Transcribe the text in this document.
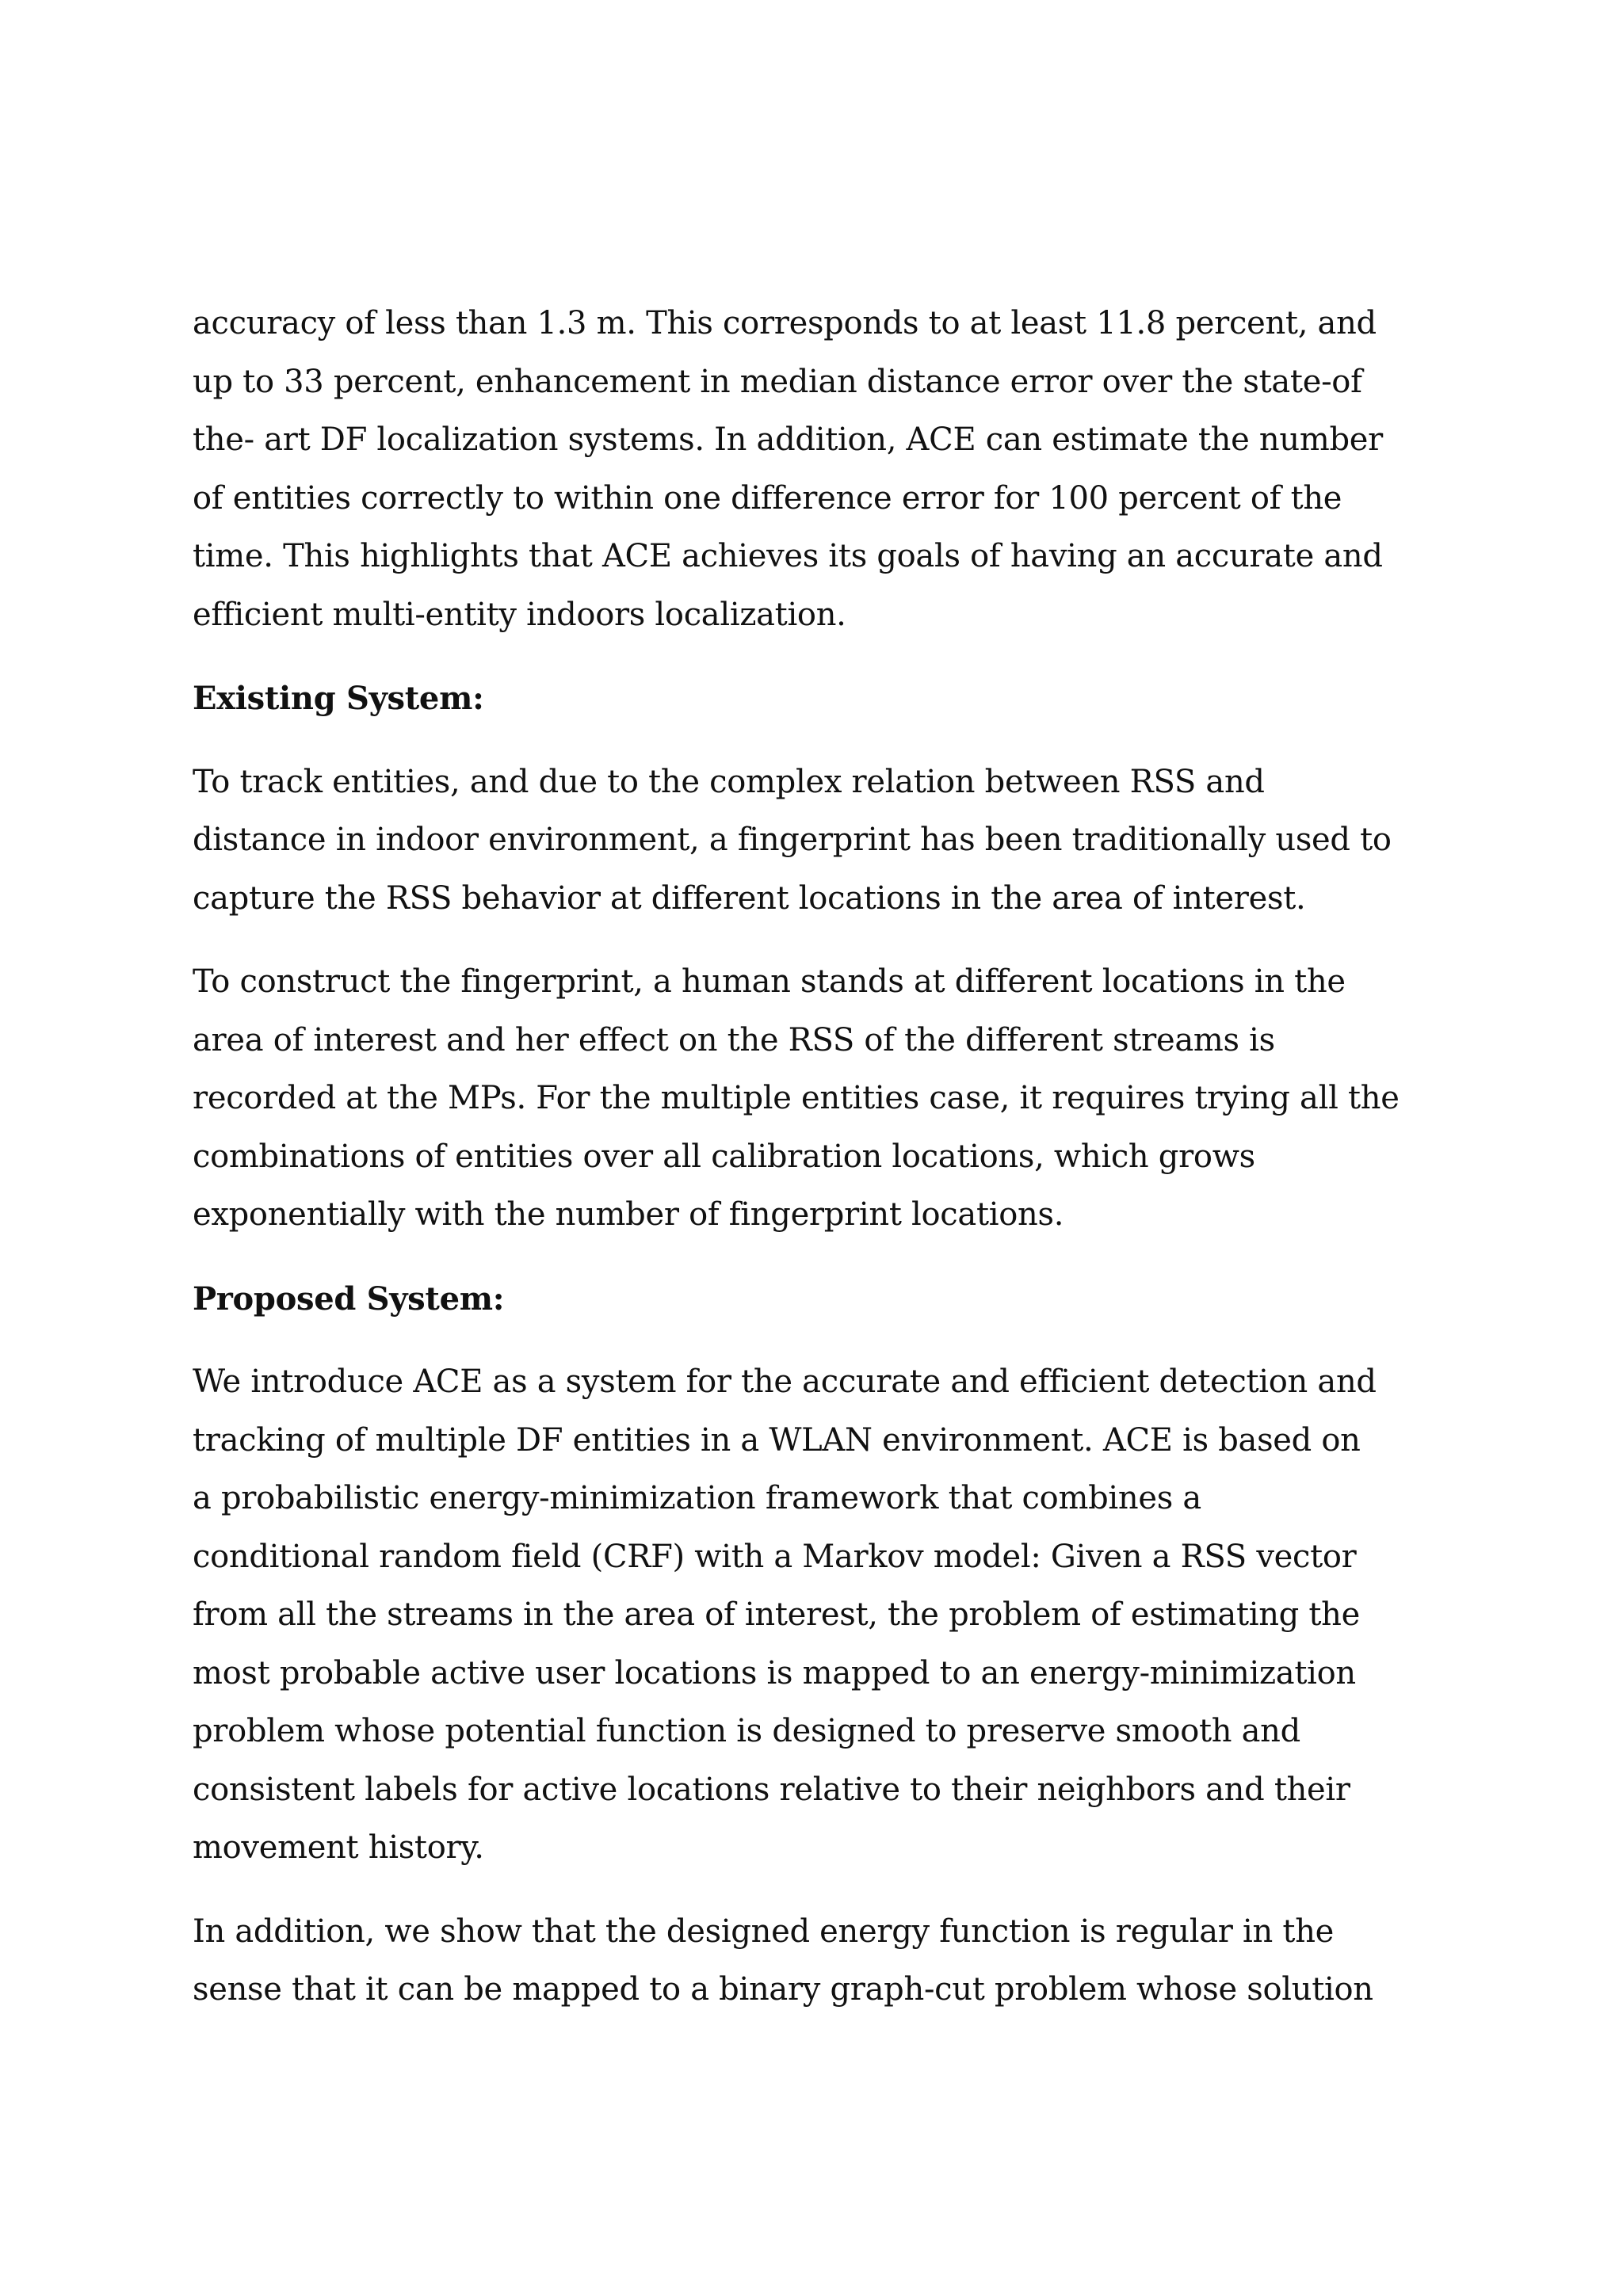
accuracy of less than 1.3 m. This corresponds to at least 11.8 percent, and
up to 33 percent, enhancement in median distance error over the state-of
the- art DF localization systems. In addition, ACE can estimate the number
of entities correctly to within one difference error for 100 percent of the
time. This highlights that ACE achieves its goals of having an accurate and
efficient multi-entity indoors localization.
Existing System:
To track entities, and due to the complex relation between RSS and
distance in indoor environment, a fingerprint has been traditionally used to
capture the RSS behavior at different locations in the area of interest.
To construct the fingerprint, a human stands at different locations in the
area of interest and her effect on the RSS of the different streams is
recorded at the MPs. For the multiple entities case, it requires trying all the
combinations of entities over all calibration locations, which grows
exponentially with the number of fingerprint locations.
Proposed System:
We introduce ACE as a system for the accurate and efficient detection and
tracking of multiple DF entities in a WLAN environment. ACE is based on
a probabilistic energy-minimization framework that combines a
conditional random field (CRF) with a Markov model: Given a RSS vector
from all the streams in the area of interest, the problem of estimating the
most probable active user locations is mapped to an energy-minimization
problem whose potential function is designed to preserve smooth and
consistent labels for active locations relative to their neighbors and their
movement history.
In addition, we show that the designed energy function is regular in the
sense that it can be mapped to a binary graph-cut problem whose solution
